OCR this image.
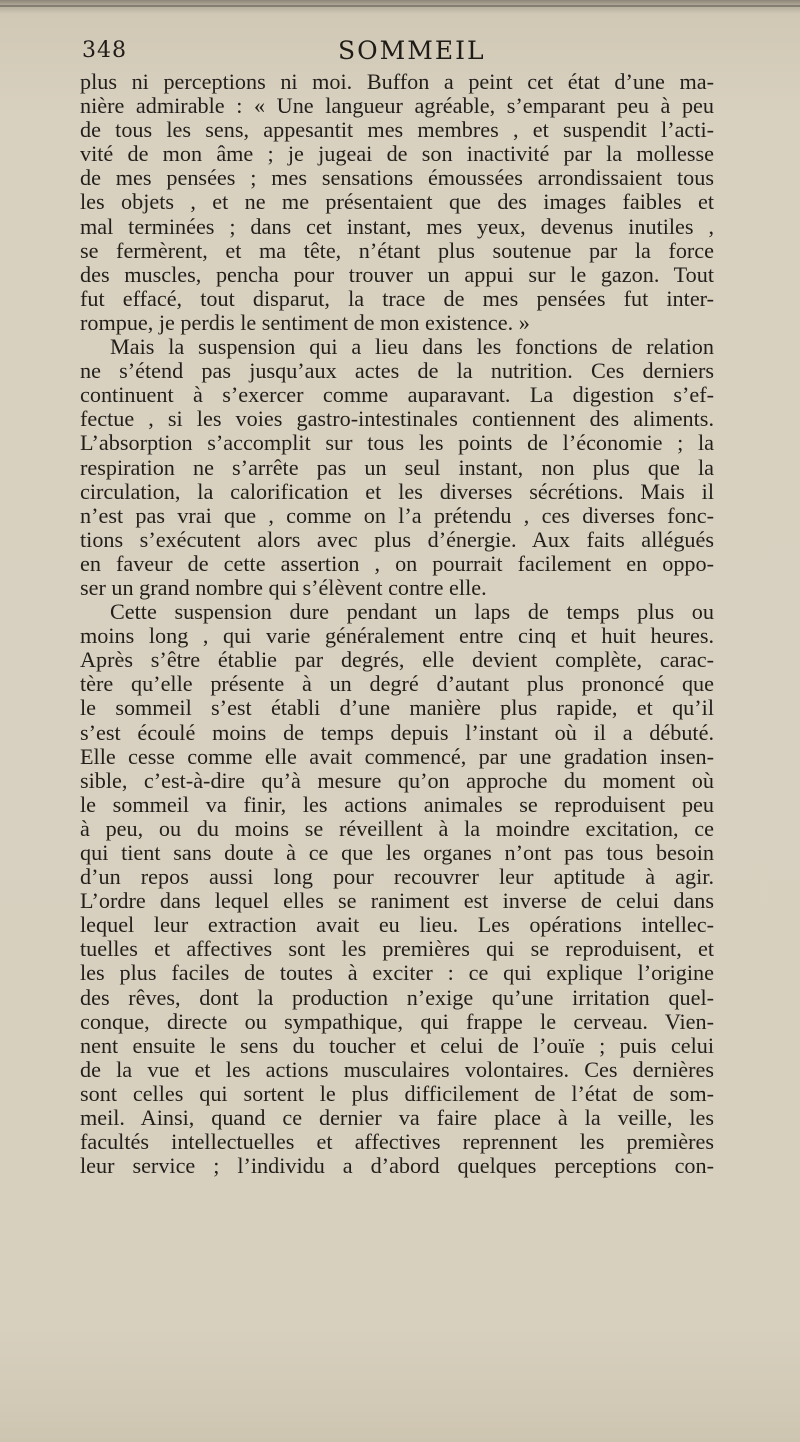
348	SOMMEIL
plus ni perceptions ni moi. Buffon a peint cet état d’une ma-
nière admirable : « Une langueur agréable, s’emparant peu à peu
de tous les sens, appesantit mes membres , et suspendit l’acti-
vité de mon âme ; je jugeai de son inactivité par la mollesse
de mes pensées ; mes sensations émoussées arrondissaient tous
les objets , et ne me présentaient que des images faibles et
mal terminées ; dans cet instant, mes yeux, devenus inutiles ,
se fermèrent, et ma tête, n’étant plus soutenue par la force
des muscles, pencha pour trouver un appui sur le gazon. Tout
fut effacé, tout disparut, la trace de mes pensées fut inter-
rompue, je perdis le sentiment de mon existence. »
Mais la suspension qui a lieu dans les fonctions de relation
ne s’étend pas jusqu’aux actes de la nutrition. Ces derniers
continuent à s’exercer comme auparavant. La digestion s’ef-
fectue , si les voies gastro-intestinales contiennent des aliments.
L’absorption s’accomplit sur tous les points de l’économie ; la
respiration ne s’arrête pas un seul instant, non plus que la
circulation, la calorification et les diverses sécrétions. Mais il
n’est pas vrai que , comme on l’a prétendu , ces diverses fonc-
tions s’exécutent alors avec plus d’énergie. Aux faits allégués
en faveur de cette assertion , on pourrait facilement en oppo-
ser un grand nombre qui s’élèvent contre elle.
Cette suspension dure pendant un laps de temps plus ou
moins long , qui varie généralement entre cinq et huit heures.
Après s’être établie par degrés, elle devient complète, carac-
tère qu’elle présente à un degré d’autant plus prononcé que
le sommeil s’est établi d’une manière plus rapide, et qu’il
s’est écoulé moins de temps depuis l’instant où il a débuté.
Elle cesse comme elle avait commencé, par une gradation insen-
sible, c’est-à-dire qu’à mesure qu’on approche du moment où
le sommeil va finir, les actions animales se reproduisent peu
à peu, ou du moins se réveillent à la moindre excitation, ce
qui tient sans doute à ce que les organes n’ont pas tous besoin
d’un repos aussi long pour recouvrer leur aptitude à agir.
L’ordre dans lequel elles se raniment est inverse de celui dans
lequel leur extraction avait eu lieu. Les opérations intellec-
tuelles et affectives sont les premières qui se reproduisent, et
les plus faciles de toutes à exciter : ce qui explique l’origine
des rêves, dont la production n’exige qu’une irritation quel-
conque, directe ou sympathique, qui frappe le cerveau. Vien-
nent ensuite le sens du toucher et celui de l’ouïe ; puis celui
de la vue et les actions musculaires volontaires. Ces dernières
sont celles qui sortent le plus difficilement de l’état de som-
meil. Ainsi, quand ce dernier va faire place à la veille, les
facultés intellectuelles et affectives reprennent les premières
leur service ; l’individu a d’abord quelques perceptions con-
